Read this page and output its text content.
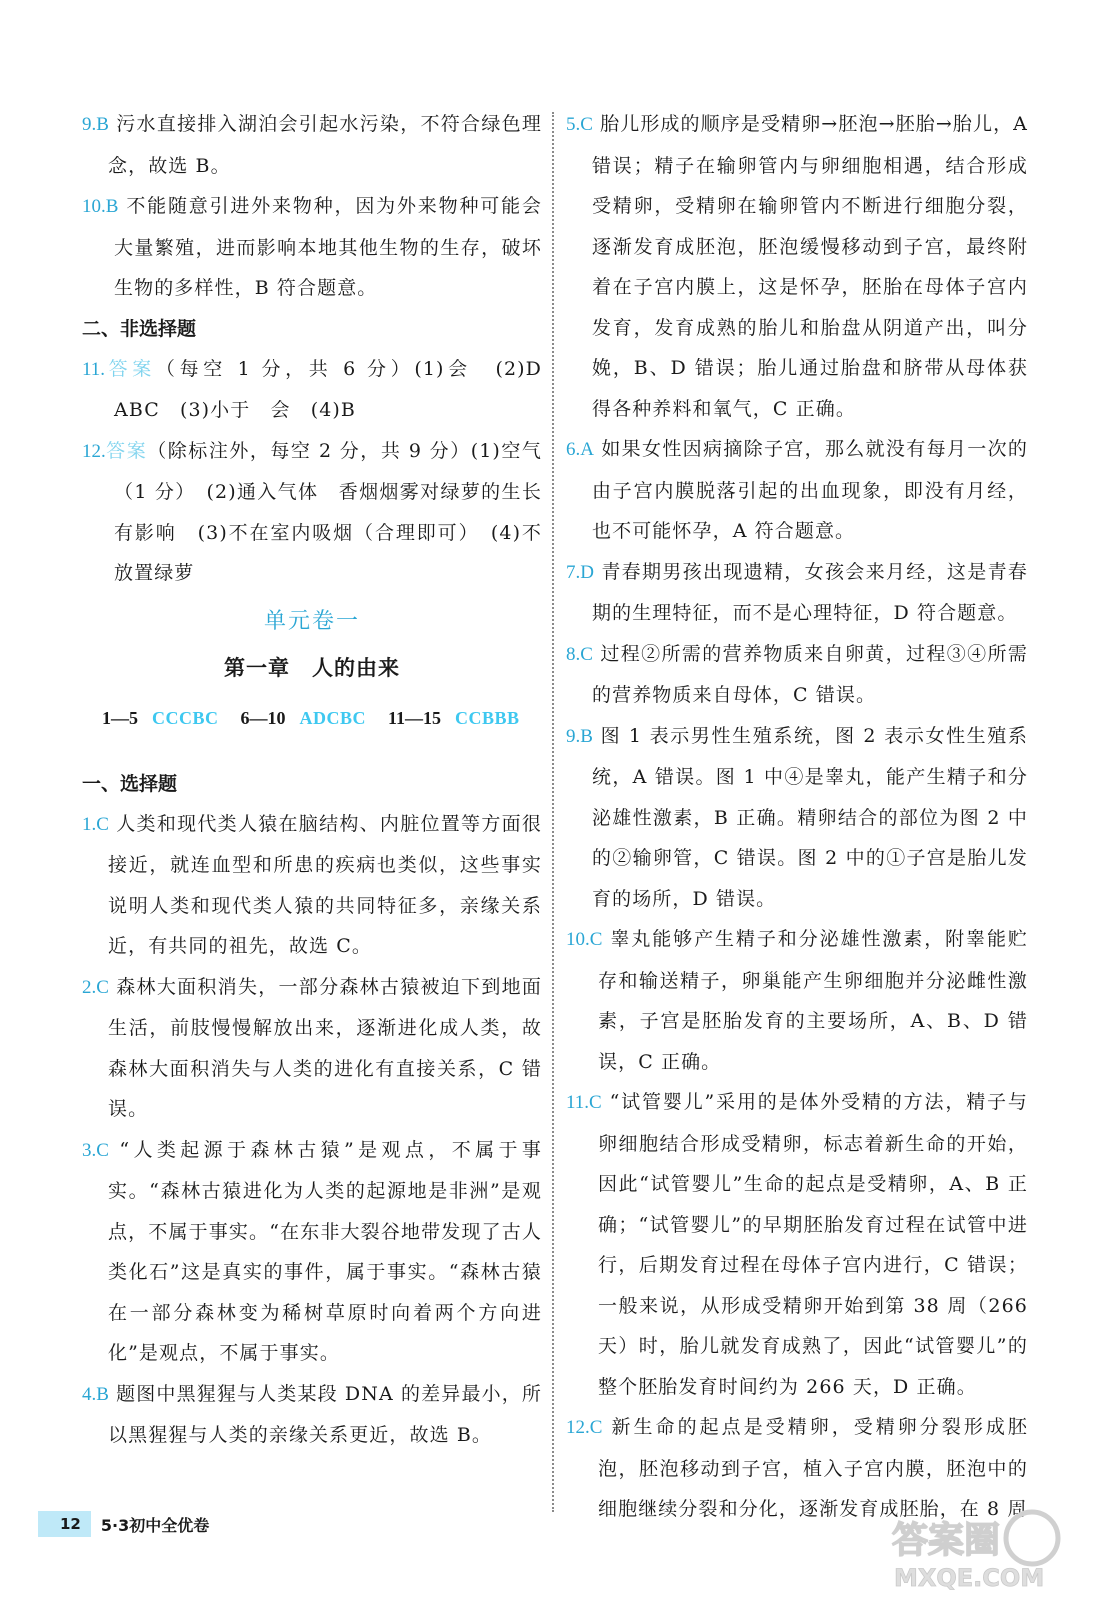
9.B 污水直接排入湖泊会引起水污染，不符合绿色理念，故选 B。

10.B 不能随意引进外来物种，因为外来物种可能会大量繁殖，进而影响本地其他生物的生存，破坏生物的多样性，B 符合题意。

二、非选择题

11.答案（每空 1 分，共 6 分）(1)会　(2)D　ABC　(3)小于　会　(4)B

12.答案（除标注外，每空 2 分，共 9 分）(1)空气（1 分）　(2)通入气体　香烟烟雾对绿萝的生长有影响　(3)不在室内吸烟（合理即可）　(4)不放置绿萝

单元卷一
第一章　人的由来
1—5 CCCBC 6—10 ADCBC 11—15 CCBBB

一、选择题

1.C 人类和现代类人猿在脑结构、内脏位置等方面很接近，就连血型和所患的疾病也类似，这些事实说明人类和现代类人猿的共同特征多，亲缘关系近，有共同的祖先，故选 C。

2.C 森林大面积消失，一部分森林古猿被迫下到地面生活，前肢慢慢解放出来，逐渐进化成人类，故森林大面积消失与人类的进化有直接关系，C 错误。

3.C “人类起源于森林古猿”是观点，不属于事实。“森林古猿进化为人类的起源地是非洲”是观点，不属于事实。“在东非大裂谷地带发现了古人类化石”这是真实的事件，属于事实。“森林古猿在一部分森林变为稀树草原时向着两个方向进化”是观点，不属于事实。

4.B 题图中黑猩猩与人类某段 DNA 的差异最小，所以黑猩猩与人类的亲缘关系更近，故选 B。

5.C 胎儿形成的顺序是受精卵→胚泡→胚胎→胎儿，A 错误；精子在输卵管内与卵细胞相遇，结合形成受精卵，受精卵在输卵管内不断进行细胞分裂，逐渐发育成胚泡，胚泡缓慢移动到子宫，最终附着在子宫内膜上，这是怀孕，胚胎在母体子宫内发育，发育成熟的胎儿和胎盘从阴道产出，叫分娩，B、D 错误；胎儿通过胎盘和脐带从母体获得各种养料和氧气，C 正确。

6.A 如果女性因病摘除子宫，那么就没有每月一次的由子宫内膜脱落引起的出血现象，即没有月经，也不可能怀孕，A 符合题意。

7.D 青春期男孩出现遗精，女孩会来月经，这是青春期的生理特征，而不是心理特征，D 符合题意。

8.C 过程②所需的营养物质来自卵黄，过程③④所需的营养物质来自母体，C 错误。

9.B 图 1 表示男性生殖系统，图 2 表示女性生殖系统，A 错误。图 1 中④是睾丸，能产生精子和分泌雄性激素，B 正确。精卵结合的部位为图 2 中的②输卵管，C 错误。图 2 中的①子宫是胎儿发育的场所，D 错误。

10.C 睾丸能够产生精子和分泌雄性激素，附睾能贮存和输送精子，卵巢能产生卵细胞并分泌雌性激素，子宫是胚胎发育的主要场所，A、B、D 错误，C 正确。

11.C “试管婴儿”采用的是体外受精的方法，精子与卵细胞结合形成受精卵，标志着新生命的开始，因此“试管婴儿”生命的起点是受精卵，A、B 正确；“试管婴儿”的早期胚胎发育过程在试管中进行，后期发育过程在母体子宫内进行，C 错误；一般来说，从形成受精卵开始到第 38 周（266 天）时，胎儿就发育成熟了，因此“试管婴儿”的整个胚胎发育时间约为 266 天，D 正确。

12.C 新生命的起点是受精卵，受精卵分裂形成胚泡，胚泡移动到子宫，植入子宫内膜，胚泡中的细胞继续分裂和分化，逐渐发育成胚胎，在 8 周

12	5·3初中全优卷	答案圈
MXQE.COM
